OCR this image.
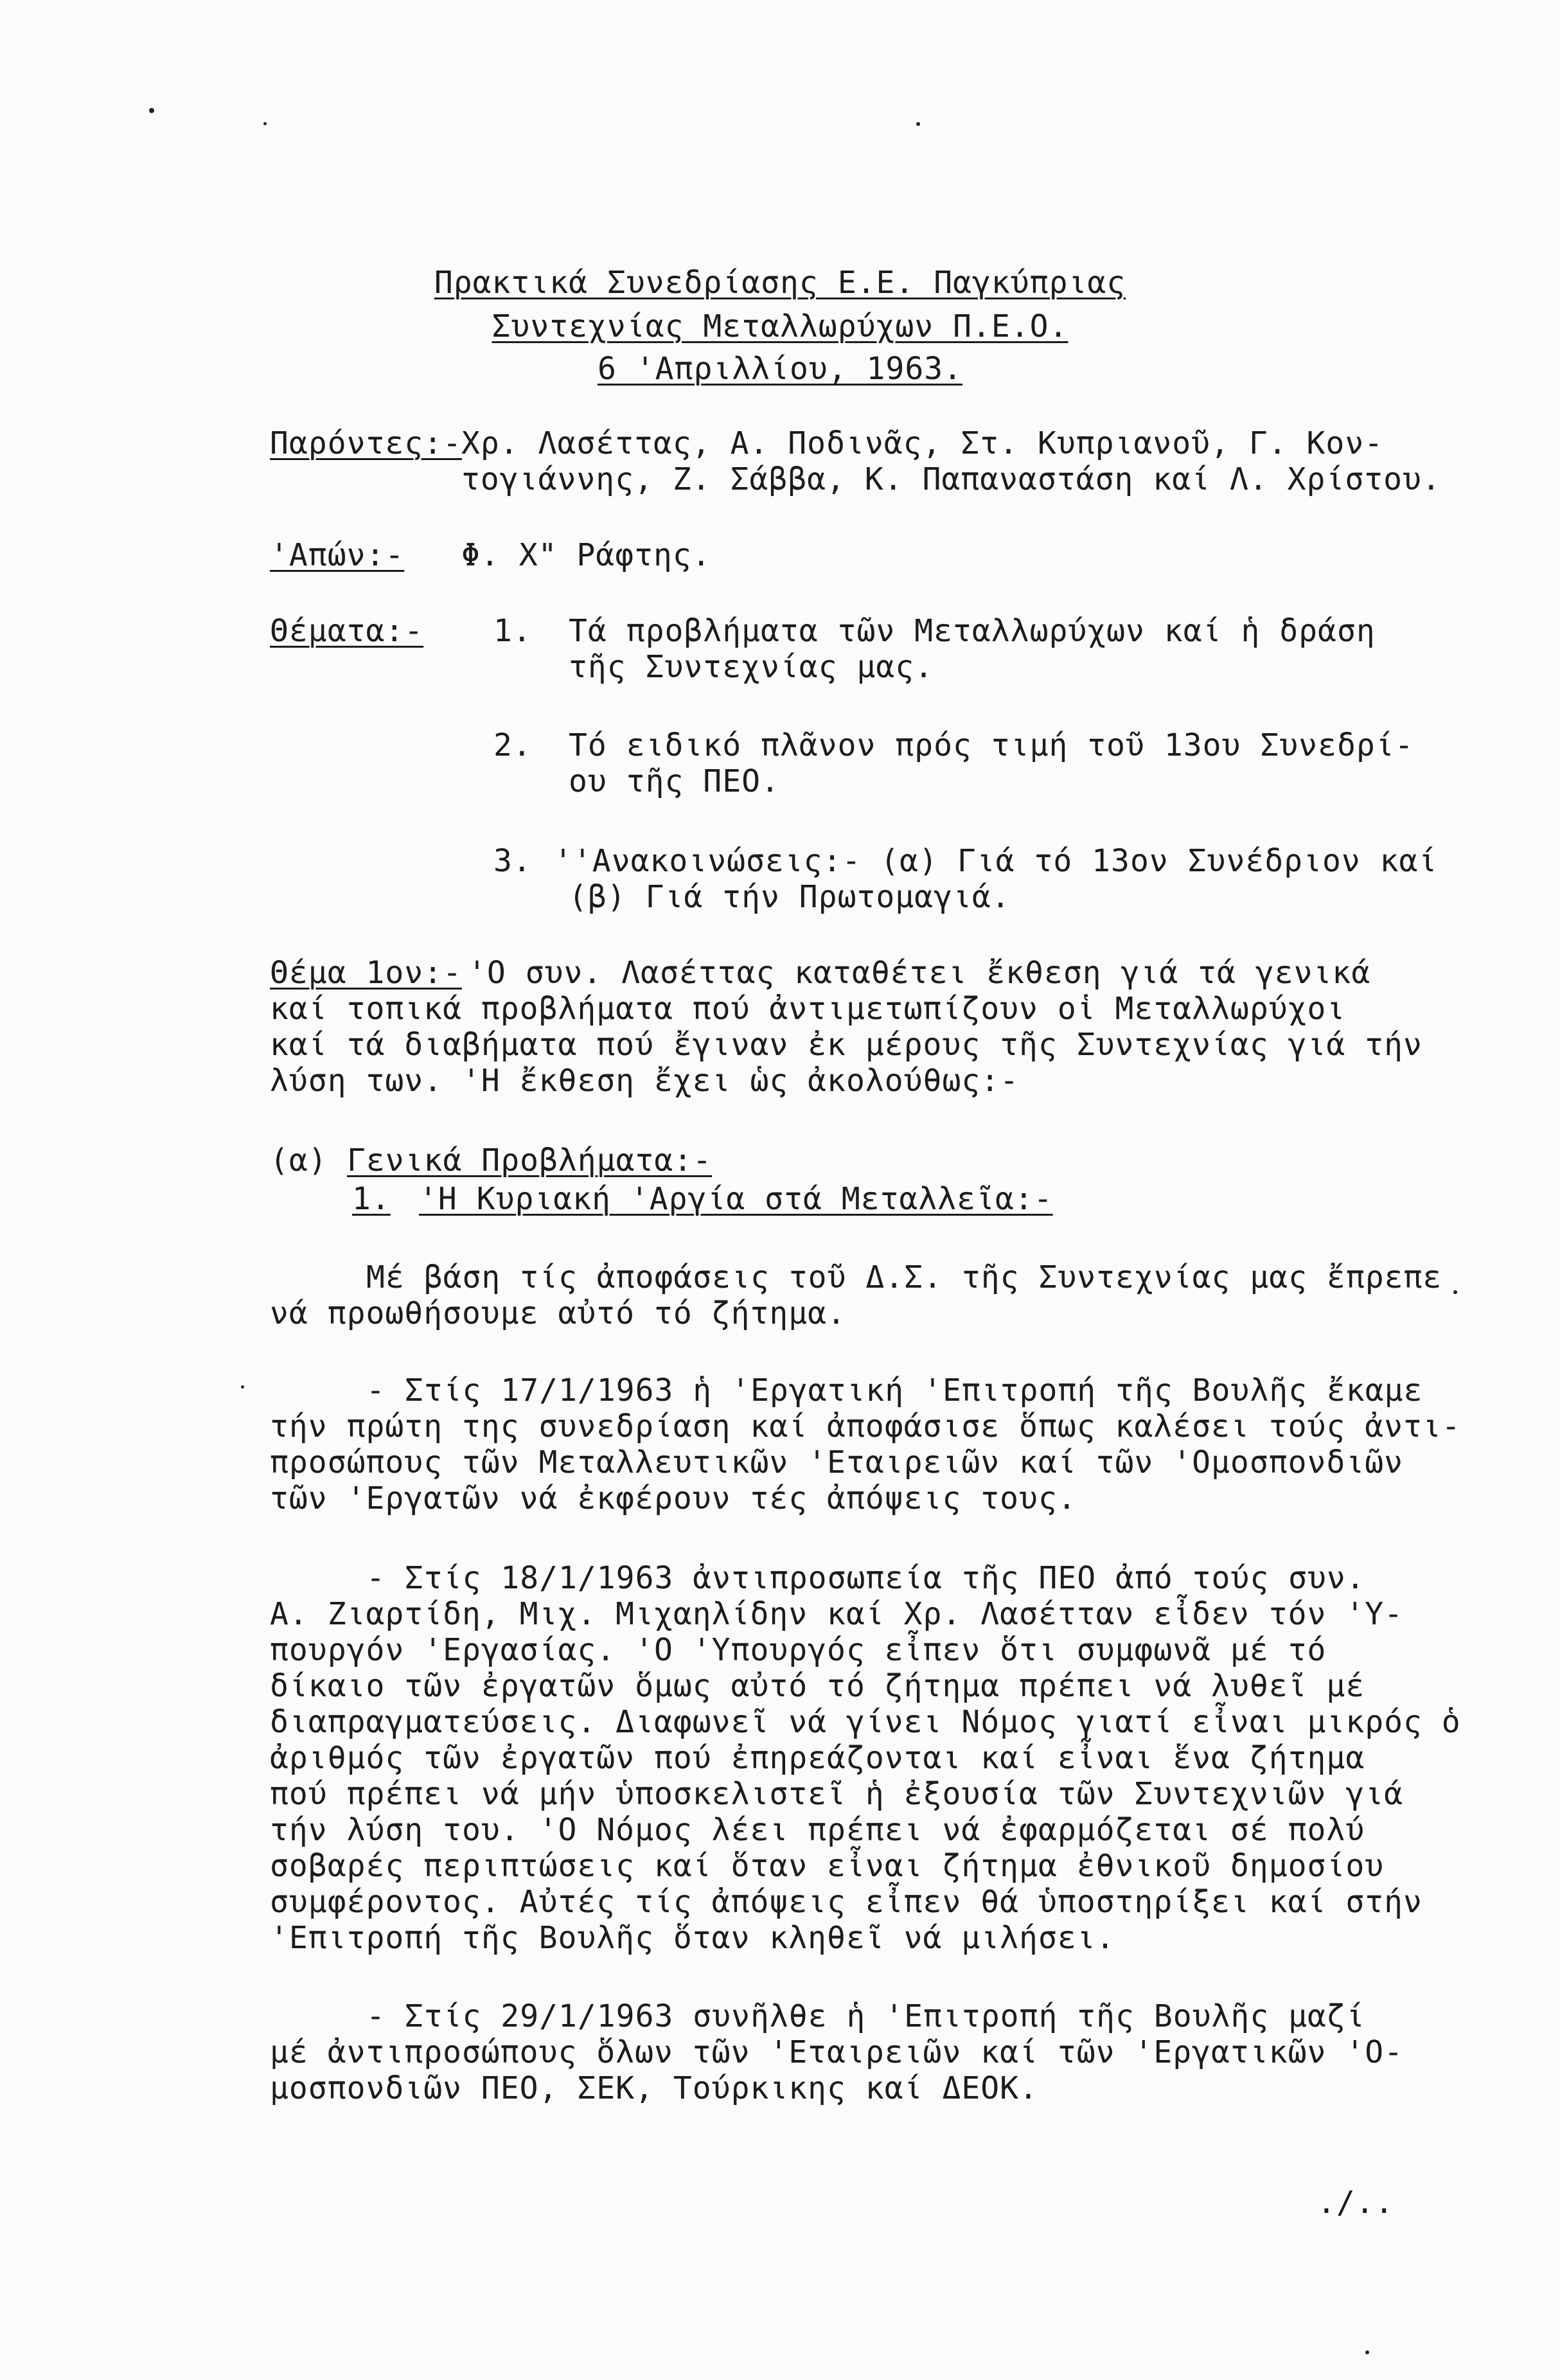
Πρακτικά Συνεδρίασης Ε.Ε. Παγκύπριας
Συντεχνίας Μεταλλωρύχων Π.Ε.Ο.
6 'Απριλλίου, 1963.
Παρόντες:- Χρ. Λασέττας, Α. Ποδινᾶς, Στ. Κυπριανοῦ, Γ. Κον-
τογιάννης, Ζ. Σάββα, Κ. Παπαναστάση καί Λ. Χρίστου.
'Απών:- Φ. Χ" Ράφτης.
Θέματα:- 1. Τά προβλήματα τῶν Μεταλλωρύχων καί ἡ δράση
τῆς Συντεχνίας μας.
2. Τό ειδικό πλᾶνον πρός τιμή τοῦ 13ου Συνεδρί-
ου τῆς ΠΕΟ.
3. ''Ανακοινώσεις:- (α) Γιά τό 13ον Συνέδριον καί
(β) Γιά τήν Πρωτομαγιά.
Θέμα 1ον:- 'Ο συν. Λασέττας καταθέτει ἔκθεση γιά τά γενικά
καί τοπικά προβλήματα πού ἀντιμετωπίζουν οἱ Μεταλλωρύχοι
καί τά διαβήματα πού ἔγιναν ἐκ μέρους τῆς Συντεχνίας γιά τήν
λύση των. 'Η ἔκθεση ἔχει ὡς ἀκολούθως:-
(α) Γενικά Προβλήματα:-
1. 'Η Κυριακή 'Αργία στά Μεταλλεῖα:-
Μέ βάση τίς ἀποφάσεις τοῦ Δ.Σ. τῆς Συντεχνίας μας ἔπρεπε
νά προωθήσουμε αὐτό τό ζήτημα.
- Στίς 17/1/1963 ἡ 'Εργατική 'Επιτροπή τῆς Βουλῆς ἔκαμε
τήν πρώτη της συνεδρίαση καί ἀποφάσισε ὅπως καλέσει τούς ἀντι-
προσώπους τῶν Μεταλλευτικῶν 'Εταιρειῶν καί τῶν 'Ομοσπονδιῶν
τῶν 'Εργατῶν νά ἐκφέρουν τές ἀπόψεις τους.
- Στίς 18/1/1963 ἀντιπροσωπεία τῆς ΠΕΟ ἀπό τούς συν.
Α. Ζιαρτίδη, Μιχ. Μιχαηλίδην καί Χρ. Λασέτταν εἶδεν τόν 'Υ-
πουργόν 'Εργασίας. 'Ο 'Υπουργός εἶπεν ὅτι συμφωνᾶ μέ τό
δίκαιο τῶν ἐργατῶν ὅμως αὐτό τό ζήτημα πρέπει νά λυθεῖ μέ
διαπραγματεύσεις. Διαφωνεῖ νά γίνει Νόμος γιατί εἶναι μικρός ὁ
ἀριθμός τῶν ἐργατῶν πού ἐπηρεάζονται καί εἶναι ἕνα ζήτημα
πού πρέπει νά μήν ὑποσκελιστεῖ ἡ ἐξουσία τῶν Συντεχνιῶν γιά
τήν λύση του. 'Ο Νόμος λέει πρέπει νά ἐφαρμόζεται σέ πολύ
σοβαρές περιπτώσεις καί ὅταν εἶναι ζήτημα ἐθνικοῦ δημοσίου
συμφέροντος. Αὐτές τίς ἀπόψεις εἶπεν θά ὑποστηρίξει καί στήν
'Επιτροπή τῆς Βουλῆς ὅταν κληθεῖ νά μιλήσει.
- Στίς 29/1/1963 συνῆλθε ἡ 'Επιτροπή τῆς Βουλῆς μαζί
μέ ἀντιπροσώπους ὅλων τῶν 'Εταιρειῶν καί τῶν 'Εργατικῶν 'Ο-
μοσπονδιῶν ΠΕΟ, ΣΕΚ, Τούρκικης καί ΔΕΟΚ.
./..
